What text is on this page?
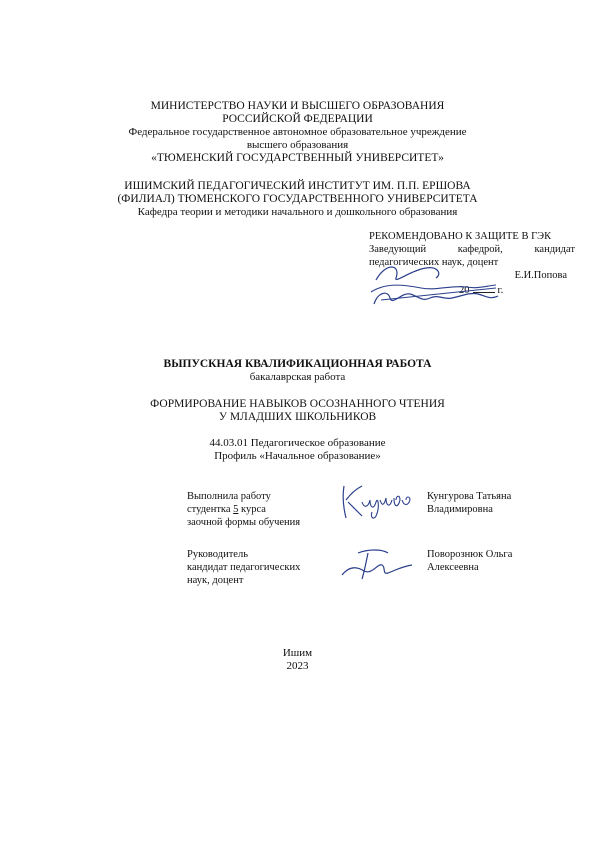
МИНИСТЕРСТВО НАУКИ И ВЫСШЕГО ОБРАЗОВАНИЯ
РОССИЙСКОЙ ФЕДЕРАЦИИ
Федеральное государственное автономное образовательное учреждение
высшего образования
«ТЮМЕНСКИЙ ГОСУДАРСТВЕННЫЙ УНИВЕРСИТЕТ»
ИШИМСКИЙ ПЕДАГОГИЧЕСКИЙ ИНСТИТУТ ИМ. П.П. ЕРШОВА
(ФИЛИАЛ) ТЮМЕНСКОГО ГОСУДАРСТВЕННОГО УНИВЕРСИТЕТА
Кафедра теории и методики начального и дошкольного образования
РЕКОМЕНДОВАНО К ЗАЩИТЕ В ГЭК
Заведующий	кафедрой,	кандидат
педагогических наук, доцент
Е.И.Попова
20	г.
ВЫПУСКНАЯ КВАЛИФИКАЦИОННАЯ РАБОТА
бакалаврская работа
ФОРМИРОВАНИЕ НАВЫКОВ ОСОЗНАННОГО ЧТЕНИЯ
У МЛАДШИХ ШКОЛЬНИКОВ
44.03.01 Педагогическое образование
Профиль «Начальное образование»
Выполнила работу
студентка 5 курса
заочной формы обучения
Кунгурова Татьяна
Владимировна
Руководитель
кандидат педагогических
наук, доцент
Поворознюк Ольга
Алексеевна
Ишим
2023
